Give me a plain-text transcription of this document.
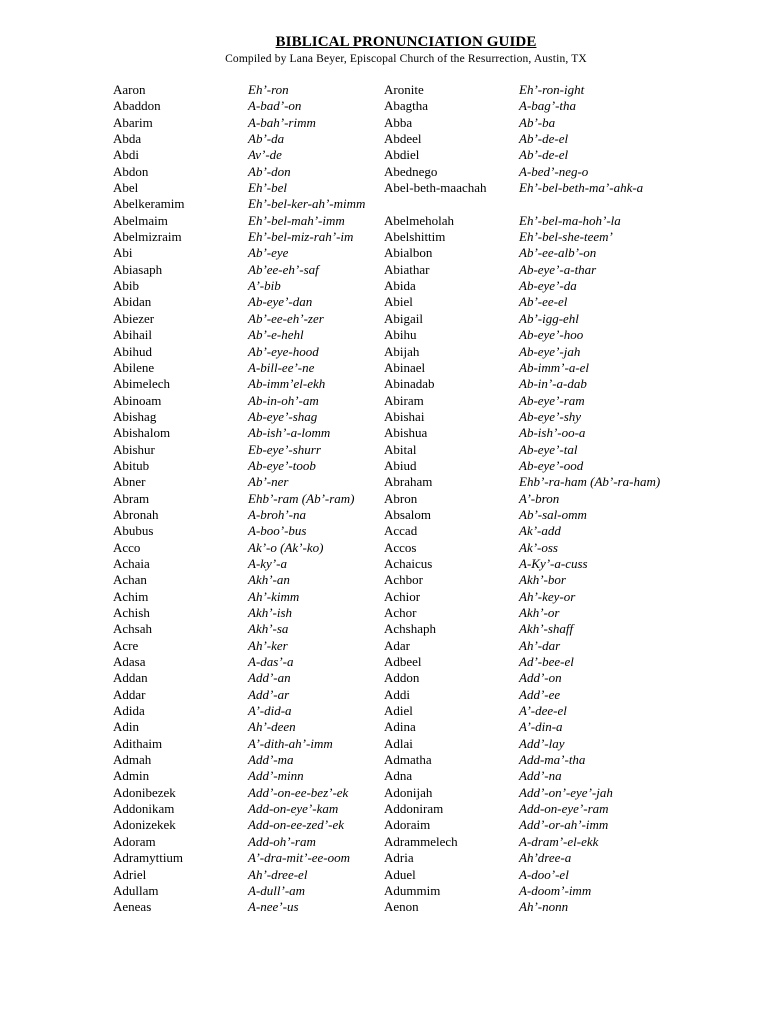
BIBLICAL PRONUNCIATION GUIDE
Compiled by Lana Beyer, Episcopal Church of the Resurrection, Austin, TX
Aaron	Eh’-ron	Aronite	Eh’-ron-ight
Abaddon	A-bad’-on	Abagtha	A-bag’-tha
Abarim	A-bah’-rimm	Abba	Ab’-ba
Abda	Ab’-da	Abdeel	Ab’-de-el
Abdi	Av’-de	Abdiel	Ab’-de-el
Abdon	Ab’-don	Abednego	A-bed’-neg-o
Abel	Eh’-bel	Abel-beth-maachah Eh’-bel-beth-ma’-ahk-a
Abelkeramim	Eh’-bel-ker-ah’-mimm
Abelmaim	Eh’-bel-mah’-imm	Abelmeholah	Eh’-bel-ma-hoh’-la
Abelmizraim	Eh’-bel-miz-rah’-im Abelshittim	Eh’-bel-she-teem’
Abi	Ab’-eye	Abialbon	Ab’-ee-alb’-on
Abiasaph	Ab’ee-eh’-saf	Abiathar	Ab-eye’-a-thar
Abib	A’-bib	Abida	Ab-eye’-da
Abidan	Ab-eye’-dan	Abiel	Ab’-ee-el
Abiezer	Ab’-ee-eh’-zer	Abigail	Ab’-igg-ehl
Abihail	Ab’-e-hehl	Abihu	Ab-eye’-hoo
Abihud	Ab’-eye-hood	Abijah	Ab-eye’-jah
Abilene	A-bill-ee’-ne	Abinael	Ab-imm’-a-el
Abimelech	Ab-imm’el-ekh	Abinadab	Ab-in’-a-dab
Abinoam	Ab-in-oh’-am	Abiram	Ab-eye’-ram
Abishag	Ab-eye’-shag	Abishai	Ab-eye’-shy
Abishalom	Ab-ish’-a-lomm	Abishua	Ab-ish’-oo-a
Abishur	Eb-eye’-shurr	Abital	Ab-eye’-tal
Abitub	Ab-eye’-toob	Abiud	Ab-eye’-ood
Abner	Ab’-ner	Abraham	Ehb’-ra-ham (Ab’-ra-ham)
Abram	Ehb’-ram (Ab’-ram) Abron	A’-bron
Abronah	A-broh’-na	Absalom	Ab’-sal-omm
Abubus	A-boo’-bus	Accad	Ak’-add
Acco	Ak’-o (Ak’-ko)	Accos	Ak’-oss
Achaia	A-ky’-a	Achaicus	A-Ky’-a-cuss
Achan	Akh’-an	Achbor	Akh’-bor
Achim	Ah’-kimm	Achior	Ah’-key-or
Achish	Akh’-ish	Achor	Akh’-or
Achsah	Akh’-sa	Achshaph	Akh’-shaff
Acre	Ah’-ker	Adar	Ah’-dar
Adasa	A-das’-a	Adbeel	Ad’-bee-el
Addan	Add’-an	Addon	Add’-on
Addar	Add’-ar	Addi	Add’-ee
Adida	A’-did-a	Adiel	A’-dee-el
Adin	Ah’-deen	Adina	A’-din-a
Adithaim	A’-dith-ah’-imm	Adlai	Add’-lay
Admah	Add’-ma	Admatha	Add-ma’-tha
Admin	Add’-minn	Adna	Add’-na
Adonibezek	Add’-on-ee-bez’-ek	Adonijah	Add’-on’-eye’-jah
Addonikam	Add-on-eye’-kam	Addoniram	Add-on-eye’-ram
Adonizekek	Add-on-ee-zed’-ek	Adoraim	Add’-or-ah’-imm
Adoram	Add-oh’-ram	Adrammelech	A-dram’-el-ekk
Adramyttium	A’-dra-mit’-ee-oom	Adria	Ah’dree-a
Adriel	Ah’-dree-el	Aduel	A-doo’-el
Adullam	A-dull’-am	Adummim	A-doom’-imm
Aeneas	A-nee’-us	Aenon	Ah’-nonn
